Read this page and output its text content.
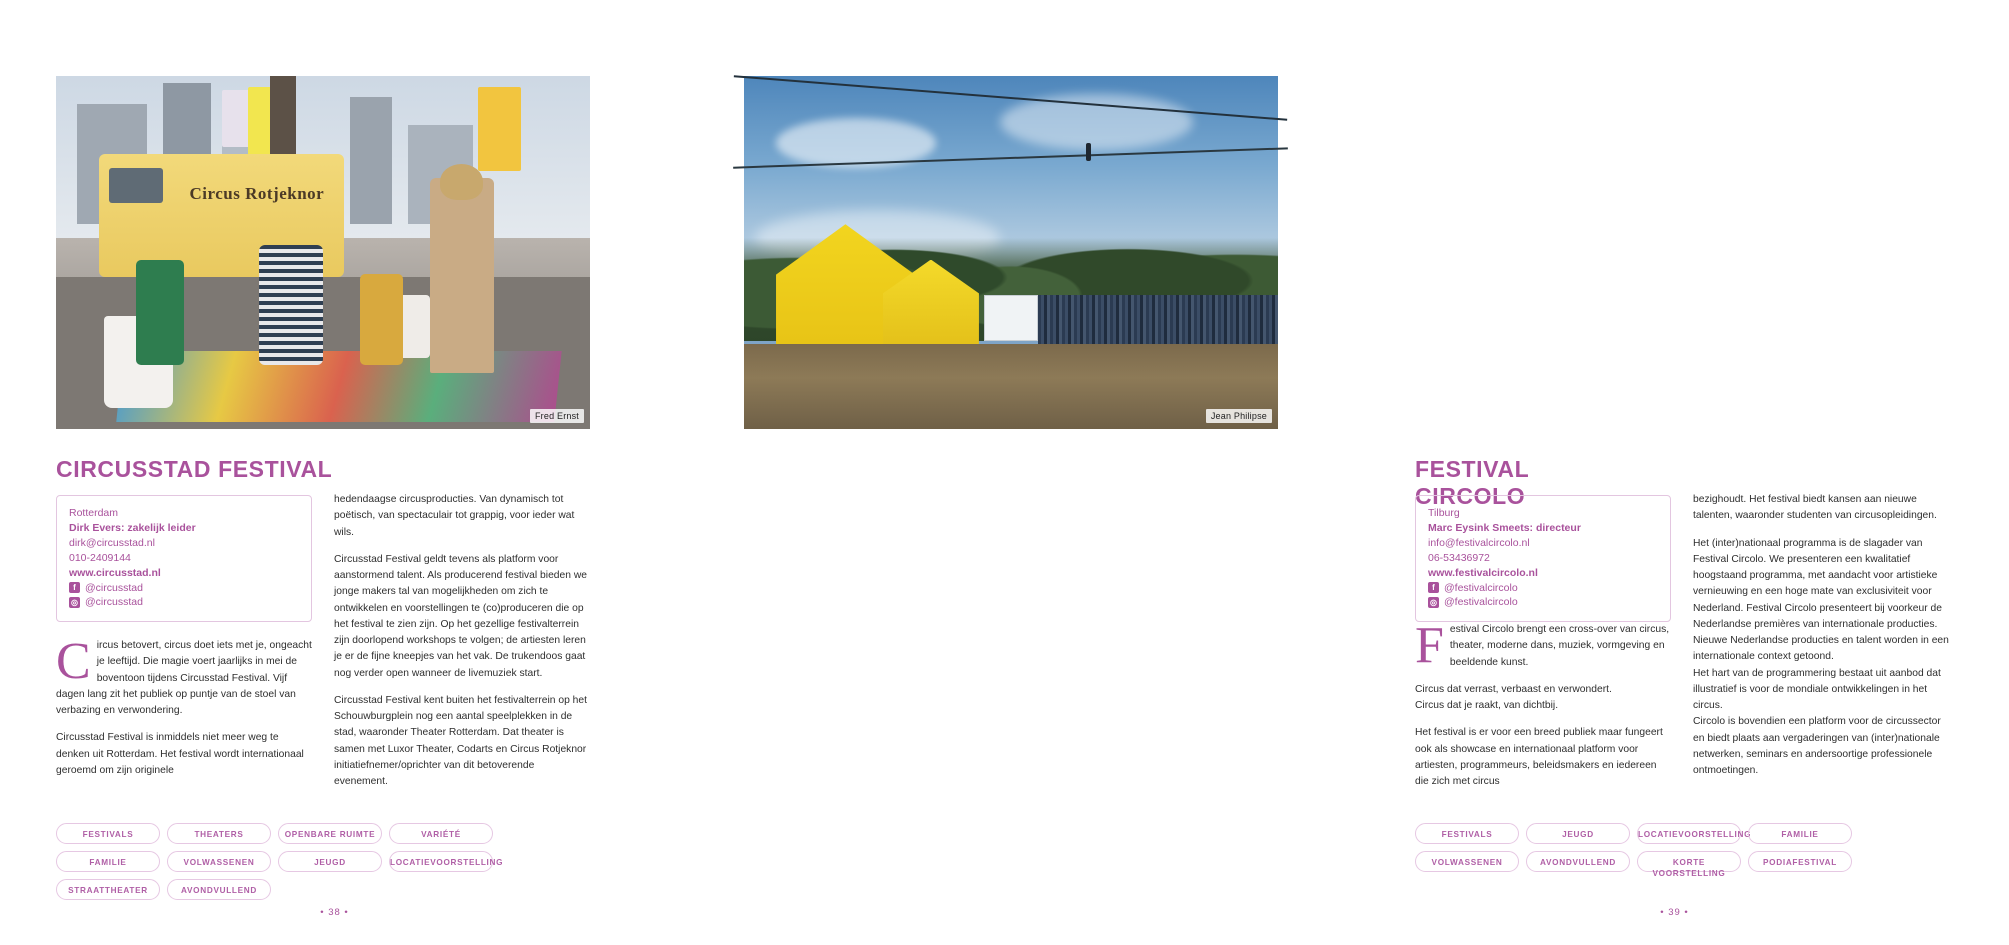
Circus Rotjeknor
Fred Ernst
CIRCUSSTAD FESTIVAL
Rotterdam
Dirk Evers: zakelijk leider
dirk@circusstad.nl
010-2409144
www.circusstad.nl
f @circusstad
◎ @circusstad

Circus betovert, circus doet iets met je, ongeacht je leeftijd. Die magie voert jaarlijks in mei de boventoon tijdens Circusstad Festival. Vijf dagen lang zit het publiek op puntje van de stoel van verbazing en verwondering.

Circusstad Festival is inmiddels niet meer weg te denken uit Rotterdam. Het festival wordt internationaal geroemd om zijn originele

hedendaagse circusproducties. Van dynamisch tot poëtisch, van spectaculair tot grappig, voor ieder wat wils.

Circusstad Festival geldt tevens als platform voor aanstormend talent. Als producerend festival bieden we jonge makers tal van mogelijkheden om zich te ontwikkelen en voorstellingen te (co)produceren die op het festival te zien zijn. Op het gezellige festivalterrein zijn doorlopend workshops te volgen; de artiesten leren je er de fijne kneepjes van het vak. De trukendoos gaat nog verder open wanneer de livemuziek start.

Circusstad Festival kent buiten het festivalterrein op het Schouwburgplein nog een aantal speelplekken in de stad, waaronder Theater Rotterdam. Dat theater is samen met Luxor Theater, Codarts en Circus Rotjeknor initiatiefnemer/oprichter van dit betoverende evenement.

FESTIVALS	THEATERS	OPENBARE RUIMTE	VARIÉTÉ
FAMILIE	VOLWASSENEN	JEUGD	LOCATIEVOORSTELLING
STRAATTHEATER	AVONDVULLEND
• 38 •
Jean Philipse
FESTIVAL CIRCOLO
Tilburg
Marc Eysink Smeets: directeur
info@festivalcircolo.nl
06-53436972
www.festivalcircolo.nl
f @festivalcircolo
◎ @festivalcircolo

Festival Circolo brengt een cross-over van circus, theater, moderne dans, muziek, vormgeving en beeldende kunst.

Circus dat verrast, verbaast en verwondert.

Circus dat je raakt, van dichtbij.

Het festival is er voor een breed publiek maar fungeert ook als showcase en internationaal platform voor artiesten, programmeurs, beleidsmakers en iedereen die zich met circus

bezighoudt. Het festival biedt kansen aan nieuwe talenten, waaronder studenten van circusopleidingen.

Het (inter)nationaal programma is de slagader van Festival Circolo. We presenteren een kwalitatief hoogstaand programma, met aandacht voor artistieke vernieuwing en een hoge mate van exclusiviteit voor Nederland. Festival Circolo presenteert bij voorkeur de Nederlandse premières van internationale producties. Nieuwe Nederlandse producties en talent worden in een internationale context getoond.

Het hart van de programmering bestaat uit aanbod dat illustratief is voor de mondiale ontwikkelingen in het circus.

Circolo is bovendien een platform voor de circussector en biedt plaats aan vergaderingen van (inter)nationale netwerken, seminars en andersoortige professionele ontmoetingen.

FESTIVALS	JEUGD	LOCATIEVOORSTELLING	FAMILIE
VOLWASSENEN	AVONDVULLEND	KORTE VOORSTELLING
PODIAFESTIVAL
• 39 •
